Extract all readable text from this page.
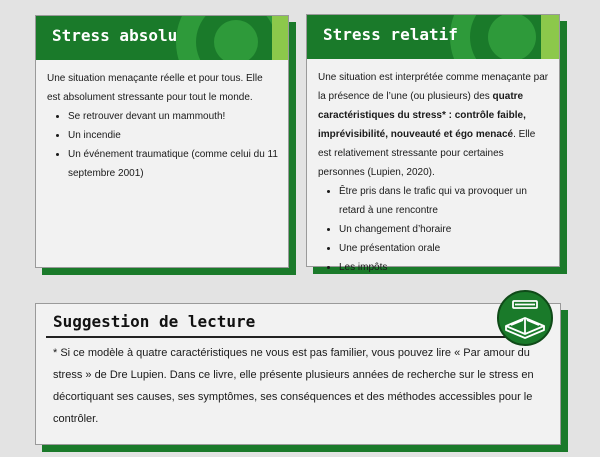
Stress absolu

Une situation menaçante réelle et pour tous. Elle est absolument stressante pour tout le monde.

• Se retrouver devant un mammouth!
• Un incendie
• Un événement traumatique (comme celui du 11 septembre 2001)
Stress relatif

Une situation est interprétée comme menaçante par la présence de l’une (ou plusieurs) des quatre caractéristiques du stress* : contrôle faible, imprévisibilité, nouveauté et égo menacé. Elle est relativement stressante pour certaines personnes (Lupien, 2020).

• Être pris dans le trafic qui va provoquer un retard à une rencontre
• Un changement d’horaire
• Une présentation orale
• Les impôts
Suggestion de lecture

* Si ce modèle à quatre caractéristiques ne vous est pas familier, vous pouvez lire « Par amour du stress » de Dre Lupien. Dans ce livre, elle présente plusieurs années de recherche sur le stress en décortiquant ses causes, ses symptômes, ses conséquences et des méthodes accessibles pour le contrôler.
